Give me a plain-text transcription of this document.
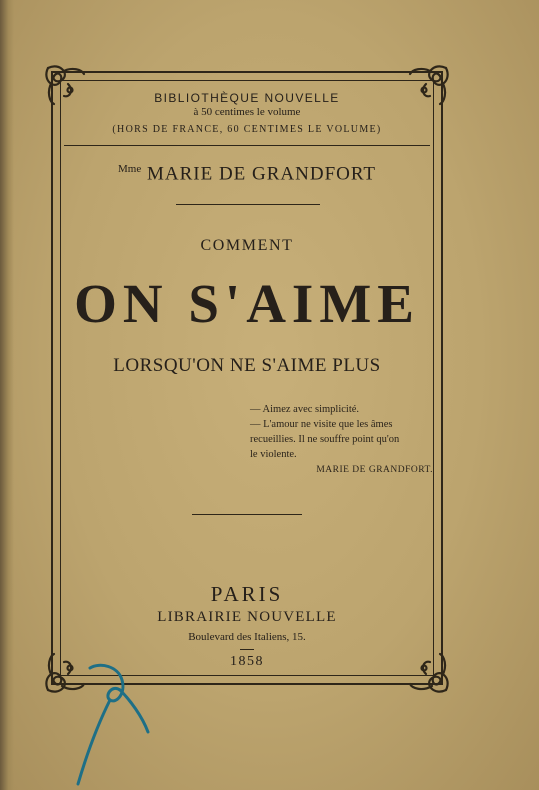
BIBLIOTHÈQUE NOUVELLE
à 50 centimes le volume
(HORS DE FRANCE, 60 CENTIMES LE VOLUME)
$^{Mme}$ MARIE DE GRANDFORT
COMMENT
ON S'AIME
LORSQU'ON NE S'AIME PLUS
— Aimez avec simplicité.
— L'amour ne visite que les âmes
recueillies. Il ne souffre point qu'on
le violente.
MARIE DE GRANDFORT.
PARIS
LIBRAIRIE NOUVELLE
Boulevard des Italiens, 15.
1858
